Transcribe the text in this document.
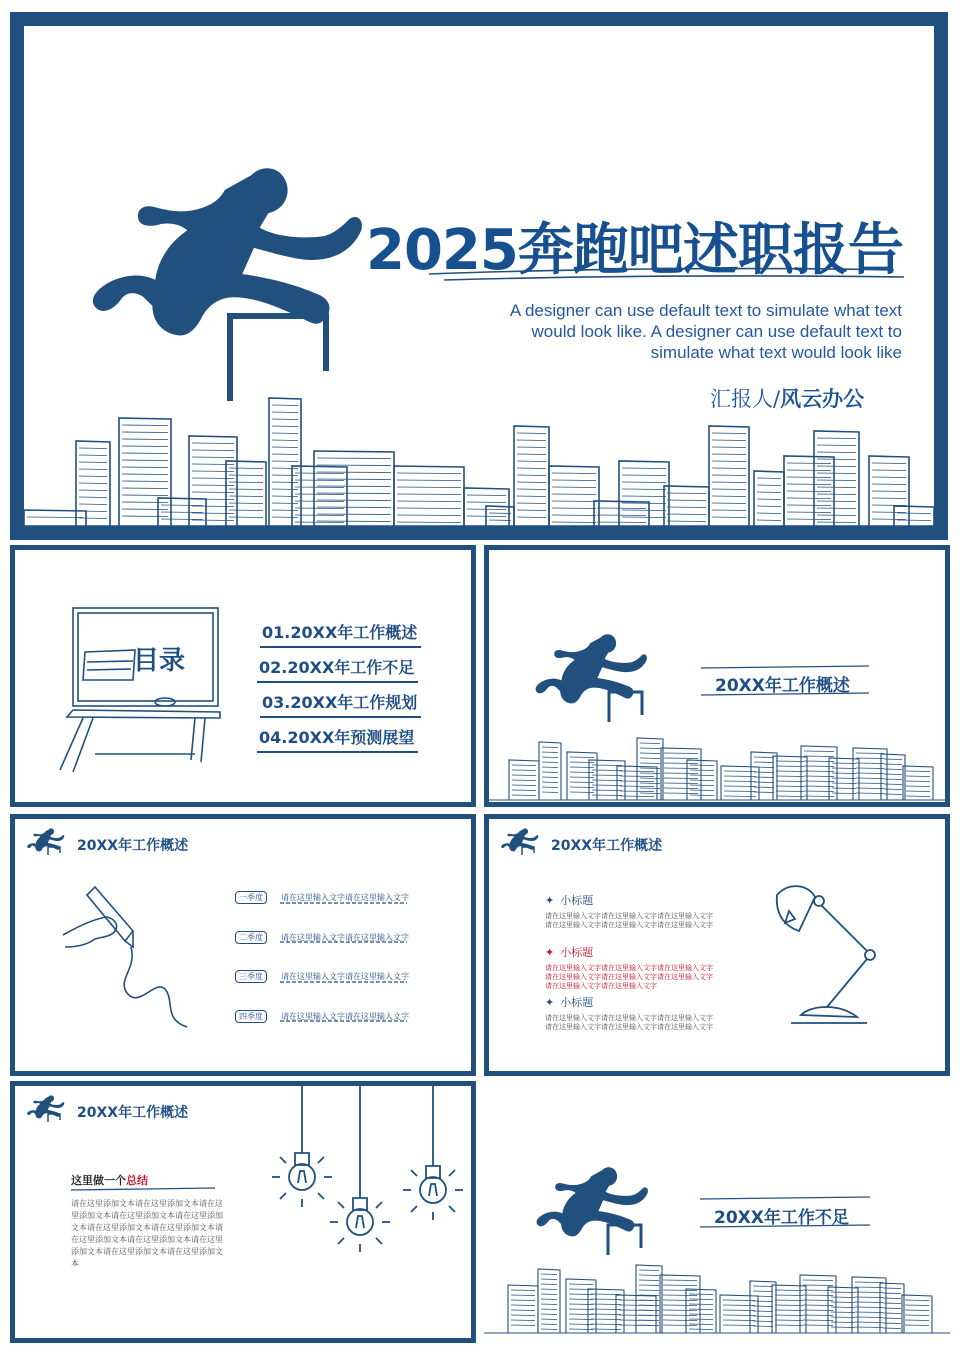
2025奔跑吧述职报告
A designer can use default text to simulate what text would look like. A designer can use default text to simulate what text would look like
汇报人/风云办公
目录
01.20XX年工作概述
02.20XX年工作不足
03.20XX年工作规划
04.20XX年预测展望
20XX年工作概述
20XX年工作概述
一季度 请在这里输入文字请在这里输入文字
二季度 请在这里输入文字请在这里输入文字
三季度 请在这里输入文字请在这里输入文字
四季度 请在这里输入文字请在这里输入文字
20XX年工作概述
✦ 小标题
请在这里输入文字请在这里输入文字请在这里输入文字请在这里输入文字请在这里输入文字请在这里输入文字
✦ 小标题
请在这里输入文字请在这里输入文字请在这里输入文字请在这里输入文字请在这里输入文字请在这里输入文字请在这里输入文字请在这里输入文字
✦ 小标题
请在这里输入文字请在这里输入文字请在这里输入文字请在这里输入文字请在这里输入文字请在这里输入文字
20XX年工作概述
这里做一个总结
请在这里添加文本请在这里添加文本请在这里添加文本请在这里添加文本请在这里添加文本请在这里添加文本请在这里添加文本请在这里添加文本请在这里添加文本请在这里添加文本请在这里添加文本请在这里添加文本
20XX年工作不足
